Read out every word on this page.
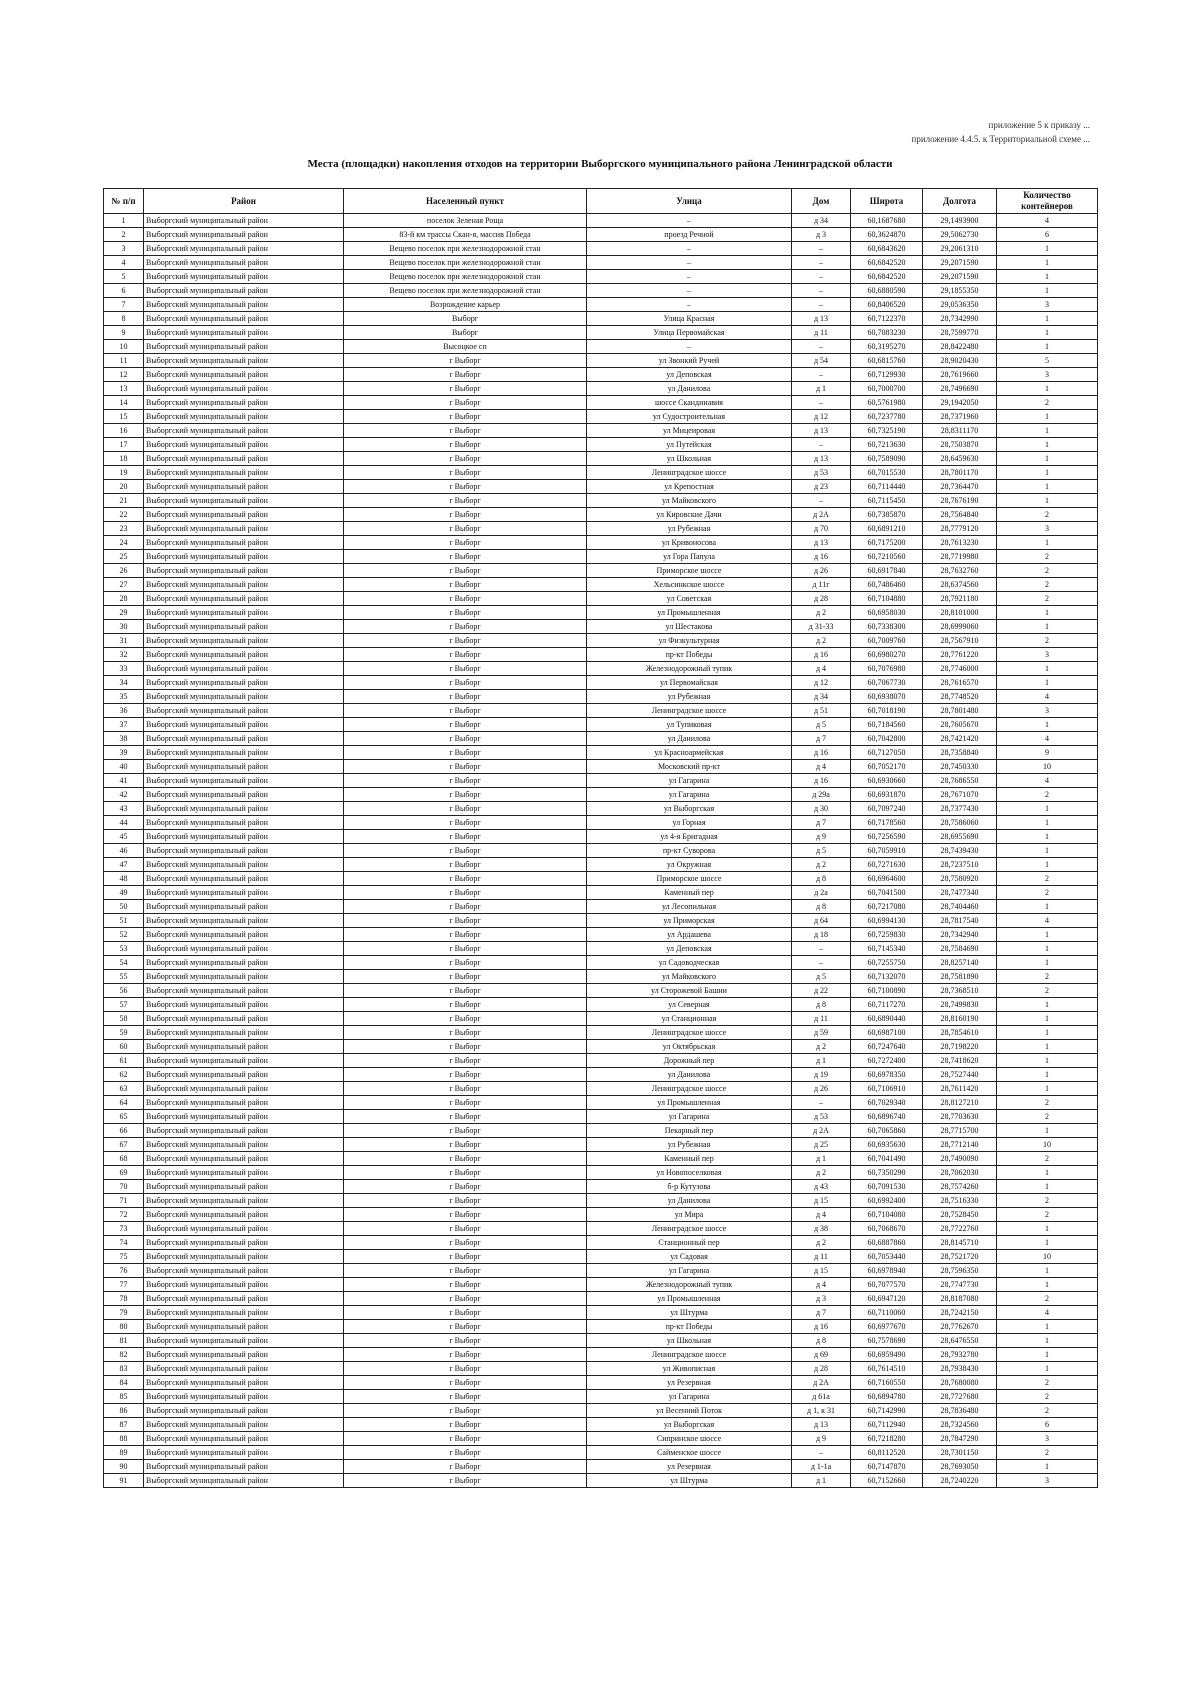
приложение 5 к приказу ...
приложение 4.4.5. к Территориальной схеме ...
Места (площадки) накопления отходов на территории Выборгского муниципального района Ленинградской области
№ п/п	Район	Населенный пункт	Улица	Дом	Широта	Долгота	Количество контейнеров
1	Выборгский муниципальный район	поселок Зеленая Роща	–	д 34	60,1687680	29,1493900	4
2	Выборгский муниципальный район	83-й км трассы Скан-я, массив Победа	проезд Речной	д 3	60,3624870	29,5062730	6
3	Выборгский муниципальный район	Вещево поселок при железнодорожной стан	–	–	60,6843620	29,2061310	1
4	Выборгский муниципальный район	Вещево поселок при железнодорожной стан	–	–	60,6842520	29,2071590	1
5	Выборгский муниципальный район	Вещево поселок при железнодорожной стан	–	–	60,6842520	29,2071590	1
6	Выборгский муниципальный район	Вещево поселок при железнодорожной стан	–	–	60,6880590	29,1855350	1
7	Выборгский муниципальный район	Возрождение карьер	–	–	60,8406520	29,0536350	3
8	Выборгский муниципальный район	Выборг	Улица Красная	д 13	60,7122370	28,7342990	1
9	Выборгский муниципальный район	Выборг	Улица Первомайская	д 11	60,7083230	28,7599770	1
10	Выборгский муниципальный район	Высоцкое сп	–	–	60,3195270	28,8422480	1
11	Выборгский муниципальный район	г Выборг	ул Звонкий Ручей	д 54	60,6815760	28,9020430	5
12	Выборгский муниципальный район	г Выборг	ул Деповская	–	60,7129930	28,7619660	3
13	Выборгский муниципальный район	г Выборг	ул Данилова	д 1	60,7000700	28,7496690	1
14	Выборгский муниципальный район	г Выборг	шоссе Скандинавия	–	60,5761980	29,1942050	2
15	Выборгский муниципальный район	г Выборг	ул Судостроительная	д 12	60,7237780	28,7371960	1
16	Выборгский муниципальный район	г Выборг	ул Мицеировая	д 13	60,7325190	28,8311170	1
17	Выборгский муниципальный район	г Выборг	ул Путейская	–	60,7213630	28,7503870	1
18	Выборгский муниципальный район	г Выборг	ул Школьная	д 13	60,7589090	28,6459630	1
19	Выборгский муниципальный район	г Выборг	Ленинградское шоссе	д 53	60,7015530	28,7801170	1
20	Выборгский муниципальный район	г Выборг	ул Крепостная	д 23	60,7114440	28,7364470	1
21	Выборгский муниципальный район	г Выборг	ул Майковского	–	60,7115450	28,7676190	1
22	Выборгский муниципальный район	г Выборг	ул Кировские Дачи	д 2А	60,7385870	28,7564840	2
23	Выборгский муниципальный район	г Выборг	ул Рубежная	д 70	60,6891210	28,7779120	3
24	Выборгский муниципальный район	г Выборг	ул Кривоносова	д 13	60,7175200	28,7613230	1
25	Выборгский муниципальный район	г Выборг	ул Гора Папула	д 16	60,7210560	28,7719980	2
26	Выборгский муниципальный район	г Выборг	Приморское шоссе	д 26	60,6917840	28,7632760	2
27	Выборгский муниципальный район	г Выборг	Хельсинкское шоссе	д 11г	60,7486460	28,6374560	2
28	Выборгский муниципальный район	г Выборг	ул Советская	д 28	60,7104880	28,7921180	2
29	Выборгский муниципальный район	г Выборг	ул Промышленная	д 2	60,6958030	28,8101000	1
30	Выборгский муниципальный район	г Выборг	ул Шестакова	д 31-33	60,7338300	28,6999060	1
31	Выборгский муниципальный район	г Выборг	ул Физкультурная	д 2	60,7009760	28,7567910	2
32	Выборгский муниципальный район	г Выборг	пр-кт Победы	д 16	60,6980270	28,7761220	3
33	Выборгский муниципальный район	г Выборг	Железнодорожный тупик	д 4	60,7076980	28,7746000	1
34	Выборгский муниципальный район	г Выборг	ул Первомайская	д 12	60,7067730	28,7616570	1
35	Выборгский муниципальный район	г Выборг	ул Рубежная	д 34	60,6938070	28,7748520	4
36	Выборгский муниципальный район	г Выборг	Ленинградское шоссе	д 51	60,7018190	28,7801480	3
37	Выборгский муниципальный район	г Выборг	ул Тупиковая	д 5	60,7184560	28,7605670	1
38	Выборгский муниципальный район	г Выборг	ул Данилова	д 7	60,7042800	28,7421420	4
39	Выборгский муниципальный район	г Выборг	ул Красноармейская	д 16	60,7127050	28,7358840	9
40	Выборгский муниципальный район	г Выборг	Московский пр-кт	д 4	60,7052170	28,7450330	10
41	Выборгский муниципальный район	г Выборг	ул Гагарина	д 16	60,6930660	28,7686550	4
42	Выборгский муниципальный район	г Выборг	ул Гагарина	д 29а	60,6931870	28,7671070	2
43	Выборгский муниципальный район	г Выборг	ул Выборгская	д 30	60,7097240	28,7377430	1
44	Выборгский муниципальный район	г Выборг	ул Горная	д 7	60,7178560	28,7586060	1
45	Выборгский муниципальный район	г Выборг	ул 4-я Бригадная	д 9	60,7256590	28,6955690	1
46	Выборгский муниципальный район	г Выборг	пр-кт Суворова	д 5	60,7059910	28,7439430	1
47	Выборгский муниципальный район	г Выборг	ул Окружная	д 2	60,7271630	28,7237510	1
48	Выборгский муниципальный район	г Выборг	Приморское шоссе	д 8	60,6964600	28,7580920	2
49	Выборгский муниципальный район	г Выборг	Каменный пер	д 2а	60,7041500	28,7477340	2
50	Выборгский муниципальный район	г Выборг	ул Лесопильная	д 8	60,7217080	28,7404460	1
51	Выборгский муниципальный район	г Выборг	ул Приморская	д 64	60,6994130	28,7817540	4
52	Выборгский муниципальный район	г Выборг	ул Ардашева	д 18	60,7259830	28,7342940	1
53	Выборгский муниципальный район	г Выборг	ул Деповская	–	60,7145340	28,7584690	1
54	Выборгский муниципальный район	г Выборг	ул Садоводческая	–	60,7255750	28,8257140	1
55	Выборгский муниципальный район	г Выборг	ул Майковского	д 5	60,7132070	28,7581890	2
56	Выборгский муниципальный район	г Выборг	ул Сторожевой Башни	д 22	60,7100890	28,7368510	2
57	Выборгский муниципальный район	г Выборг	ул Северная	д 8	60,7117270	28,7499830	1
58	Выборгский муниципальный район	г Выборг	ул Станционная	д 11	60,6890440	28,8160190	1
59	Выборгский муниципальный район	г Выборг	Ленинградское шоссе	д 59	60,6987100	28,7854610	1
60	Выборгский муниципальный район	г Выборг	ул Октябрьская	д 2	60,7247640	28,7198220	1
61	Выборгский муниципальный район	г Выборг	Дорожный пер	д 1	60,7272400	28,7418620	1
62	Выборгский муниципальный район	г Выборг	ул Данилова	д 19	60,6978350	28,7527440	1
63	Выборгский муниципальный район	г Выборг	Ленинградское шоссе	д 26	60,7106910	28,7611420	1
64	Выборгский муниципальный район	г Выборг	ул Промышленная	–	60,7029340	28,8127210	2
65	Выборгский муниципальный район	г Выборг	ул Гагарина	д 53	60,6896740	28,7703630	2
66	Выборгский муниципальный район	г Выборг	Пекарный пер	д 2А	60,7065860	28,7715700	1
67	Выборгский муниципальный район	г Выборг	ул Рубежная	д 25	60,6935630	28,7712140	10
68	Выборгский муниципальный район	г Выборг	Каменный пер	д 1	60,7041490	28,7490090	2
69	Выборгский муниципальный район	г Выборг	ул Новопоселковая	д 2	60,7350290	28,7062030	1
70	Выборгский муниципальный район	г Выборг	б-р Кутузова	д 43	60,7091530	28,7574260	1
71	Выборгский муниципальный район	г Выборг	ул Данилова	д 15	60,6992400	28,7516330	2
72	Выборгский муниципальный район	г Выборг	ул Мира	д 4	60,7104080	28,7528450	2
73	Выборгский муниципальный район	г Выборг	Ленинградское шоссе	д 38	60,7068670	28,7722760	1
74	Выборгский муниципальный район	г Выборг	Станционный пер	д 2	60,6887860	28,8145710	1
75	Выборгский муниципальный район	г Выборг	ул Садовая	д 11	60,7053440	28,7521720	10
76	Выборгский муниципальный район	г Выборг	ул Гагарина	д 15	60,6978940	28,7596350	1
77	Выборгский муниципальный район	г Выборг	Железнодорожный тупик	д 4	60,7077570	28,7747730	1
78	Выборгский муниципальный район	г Выборг	ул Промышленная	д 3	60,6947120	28,8187080	2
79	Выборгский муниципальный район	г Выборг	ул Штурма	д 7	60,7110060	28,7242150	4
80	Выборгский муниципальный район	г Выборг	пр-кт Победы	д 16	60,6977670	28,7762670	1
81	Выборгский муниципальный район	г Выборг	ул Школьная	д 8	60,7578690	28,6476550	1
82	Выборгский муниципальный район	г Выборг	Ленинградское шоссе	д 69	60,6959490	28,7932780	1
83	Выборгский муниципальный район	г Выборг	ул Живописная	д 28	60,7614510	28,7938430	1
84	Выборгский муниципальный район	г Выборг	ул Резервная	д 2А	60,7160550	28,7680080	2
85	Выборгский муниципальный район	г Выборг	ул Гагарина	д 61а	60,6894780	28,7727680	2
86	Выборгский муниципальный район	г Выборг	ул Весенний Поток	д 1, к 31	60,7142990	28,7836480	2
87	Выборгский муниципальный район	г Выборг	ул Выборгская	д 13	60,7112940	28,7324560	6
88	Выборгский муниципальный район	г Выборг	Сипринское шоссе	д 9	60,7218280	28,7847290	3
89	Выборгский муниципальный район	г Выборг	Сайменское шоссе	–	60,8112520	28,7301150	2
90	Выборгский муниципальный район	г Выборг	ул Резервная	д 1-1а	60,7147870	28,7693050	1
91	Выборгский муниципальный район	г Выборг	ул Штурма	д 1	60,7152660	28,7240220	3
